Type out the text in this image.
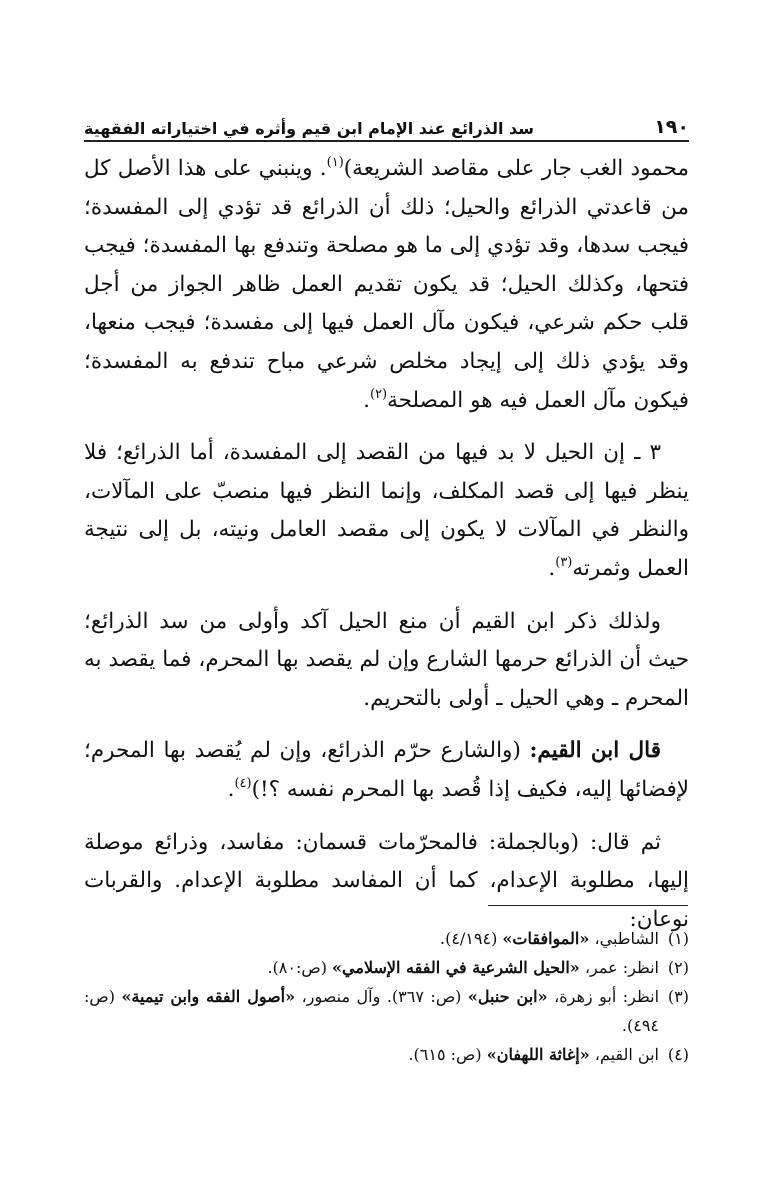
١٩٠
سد الذرائع عند الإمام ابن قيم وأثره في اختياراته الفقهية

محمود الغب جار على مقاصد الشريعة)$^{(١)}$. وينبني على هذا الأصل كل من قاعدتي الذرائع والحيل؛ ذلك أن الذرائع قد تؤدي إلى المفسدة؛ فيجب سدها، وقد تؤدي إلى ما هو مصلحة وتندفع بها المفسدة؛ فيجب فتحها، وكذلك الحيل؛ قد يكون تقديم العمل ظاهر الجواز من أجل قلب حكم شرعي، فيكون مآل العمل فيها إلى مفسدة؛ فيجب منعها، وقد يؤدي ذلك إلى إيجاد مخلص شرعي مباح تندفع به المفسدة؛ فيكون مآل العمل فيه هو المصلحة$^{(٢)}$.

٣ ـ إن الحيل لا بد فيها من القصد إلى المفسدة، أما الذرائع؛ فلا ينظر فيها إلى قصد المكلف، وإنما النظر فيها منصبّ على المآلات، والنظر في المآلات لا يكون إلى مقصد العامل ونيته، بل إلى نتيجة العمل وثمرته$^{(٣)}$.

ولذلك ذكر ابن القيم أن منع الحيل آكد وأولى من سد الذرائع؛ حيث أن الذرائع حرمها الشارع وإن لم يقصد بها المحرم، فما يقصد به المحرم ـ وهي الحيل ـ أولى بالتحريم.

قال ابن القيم: (والشارع حرّم الذرائع، وإن لم يُقصد بها المحرم؛ لإفضائها إليه، فكيف إذا قُصد بها المحرم نفسه ؟!)$^{(٤)}$.

ثم قال: (وبالجملة: فالمحرّمات قسمان: مفاسد، وذرائع موصلة إليها، مطلوبة الإعدام، كما أن المفاسد مطلوبة الإعدام. والقربات نوعان:

(١)
الشاطبي، «الموافقات» (٤/١٩٤).

(٢)
انظر: عمر، «الحيل الشرعية في الفقه الإسلامي» (ص:٨٠).

(٣)
انظر: أبو زهرة، «ابن حنبل» (ص: ٣٦٧). وآل منصور، «أصول الفقه وابن تيمية» (ص: ٤٩٤).

(٤)
ابن القيم، «إغاثة اللهفان» (ص: ٦١٥).
